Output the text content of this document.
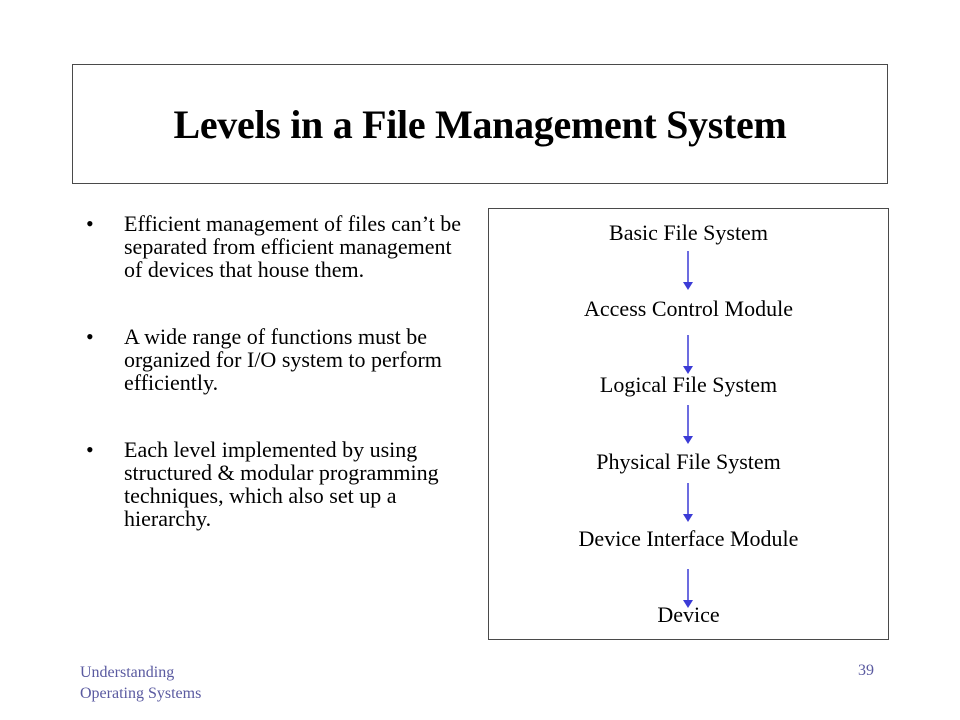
Levels in a File Management System
• Efficient management of files can’t be separated from efficient management of devices that house them.
• A wide range of functions must be organized for I/O system to perform efficiently.
• Each level implemented by using structured & modular programming techniques, which also set up a hierarchy.
Basic File System
Access Control Module
Logical File System
Physical File System
Device Interface Module
Device
Understanding
Operating Systems
39
